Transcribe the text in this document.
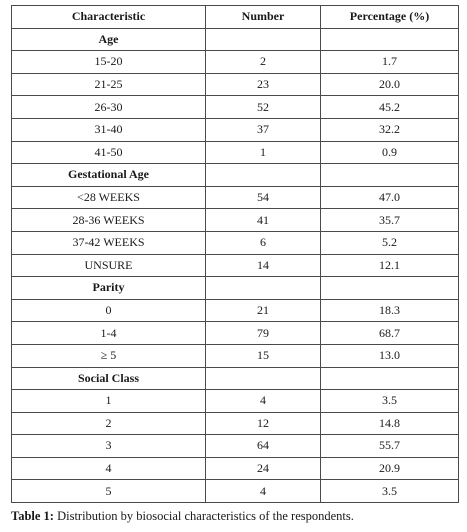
Characteristic	Number	Percentage (%)
Age		
15-20	2	1.7
21-25	23	20.0
26-30	52	45.2
31-40	37	32.2
41-50	1	0.9
Gestational Age		
<28 WEEKS	54	47.0
28-36 WEEKS	41	35.7
37-42 WEEKS	6	5.2
UNSURE	14	12.1
Parity		
0	21	18.3
1-4	79	68.7
≥ 5	15	13.0
Social Class		
1	4	3.5
2	12	14.8
3	64	55.7
4	24	20.9
5	4	3.5
Table 1: Distribution by biosocial characteristics of the respondents.
